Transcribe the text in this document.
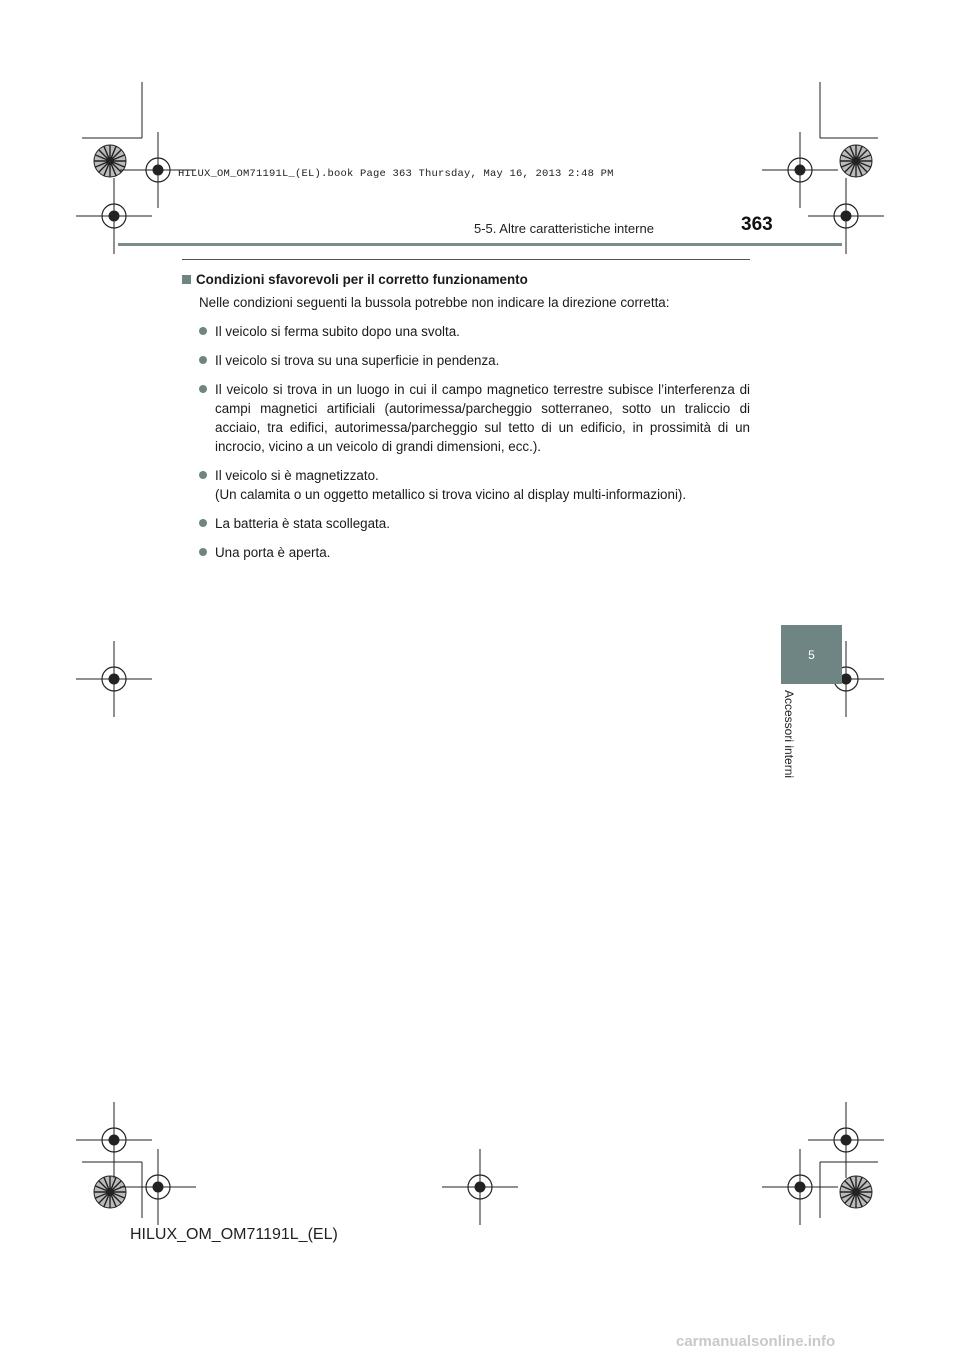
HILUX_OM_OM71191L_(EL).book Page 363 Thursday, May 16, 2013 2:48 PM
5-5. Altre caratteristiche interne	363
Condizioni sfavorevoli per il corretto funzionamento
Nelle condizioni seguenti la bussola potrebbe non indicare la direzione corretta:
Il veicolo si ferma subito dopo una svolta.
Il veicolo si trova su una superficie in pendenza.
Il veicolo si trova in un luogo in cui il campo magnetico terrestre subisce l’interferenza di campi magnetici artificiali (autorimessa/parcheggio sotterraneo, sotto un traliccio di acciaio, tra edifici, autorimessa/parcheggio sul tetto di un edificio, in prossimità di un incrocio, vicino a un veicolo di grandi dimensioni, ecc.).
Il veicolo si è magnetizzato.
(Un calamita o un oggetto metallico si trova vicino al display multi-informazioni).
La batteria è stata scollegata.
Una porta è aperta.
5
Accessori interni
HILUX_OM_OM71191L_(EL)
carmanualsonline.info
